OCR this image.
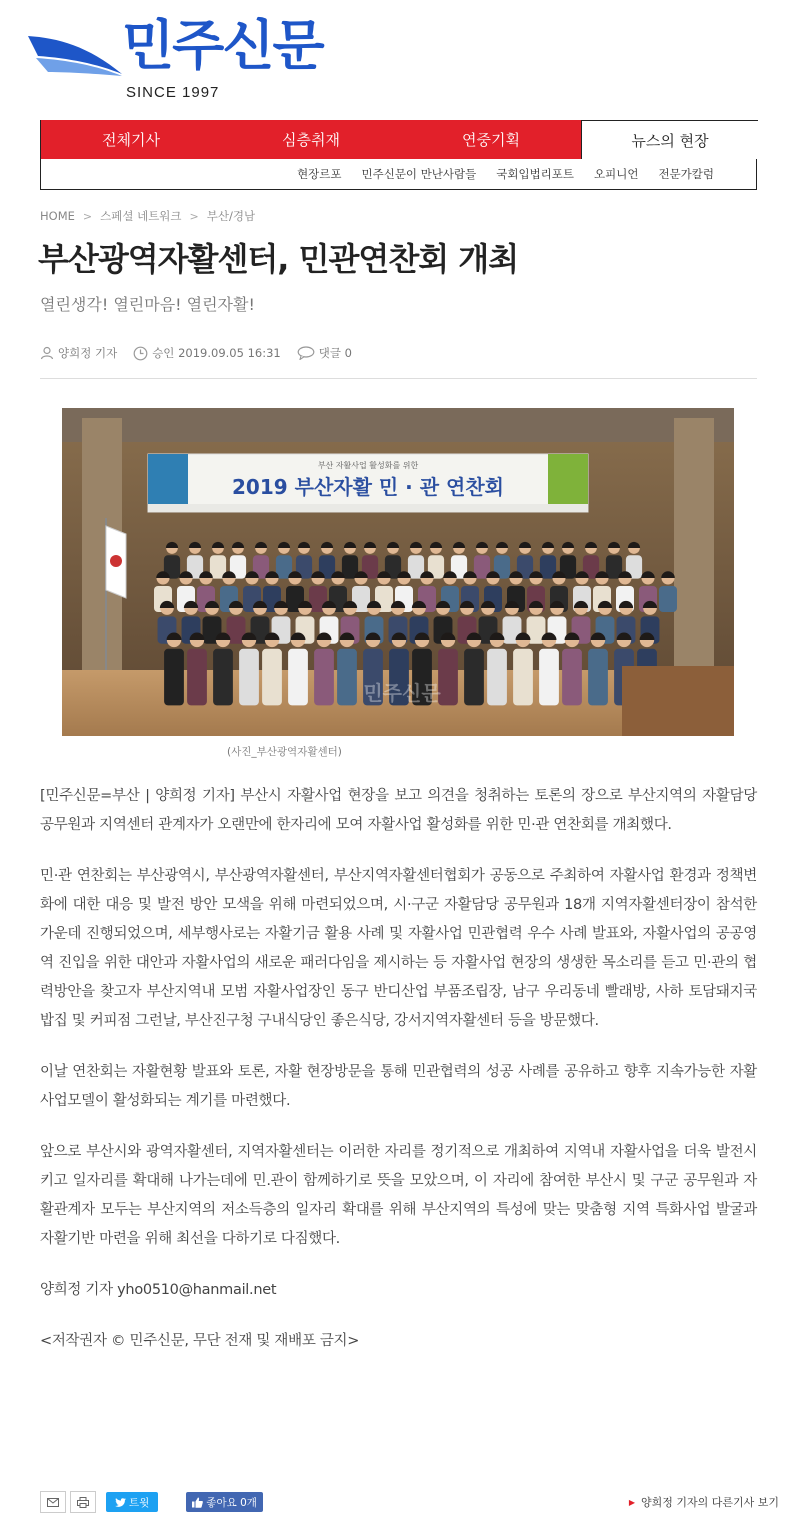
민주신문
SINCE 1997
전체기사	심층취재	연중기획	뉴스의 현장
현장르포 민주신문이 만난사람들 국회입법리포트 오피니언 전문가칼럼
HOME > 스페셜 네트워크 > 부산/경남
부산광역자활센터, 민관연찬회 개최
열린생각! 열린마음! 열린자활!
양희정 기자	승인 2019.09.05 16:31	댓글 0
부산 자활사업 활성화를 위한
2019 부산자활 민 · 관 연찬회
민주신문
(사진_부산광역자활센터)

[민주신문=부산 | 양희정 기자] 부산시 자활사업 현장을 보고 의견을 청취하는 토론의 장으로 부산지역의 자활담당 공무원과 지역센터 관계자가 오랜만에 한자리에 모여 자활사업 활성화를 위한 민·관 연찬회를 개최했다.

민·관 연찬회는 부산광역시, 부산광역자활센터, 부산지역자활센터협회가 공동으로 주최하여 자활사업 환경과 정책변화에 대한 대응 및 발전 방안 모색을 위해 마련되었으며, 시·구군 자활담당 공무원과 18개 지역자활센터장이 참석한 가운데 진행되었으며, 세부행사로는 자활기금 활용 사례 및 자활사업 민관협력 우수 사례 발표와, 자활사업의 공공영역 진입을 위한 대안과 자활사업의 새로운 패러다임을 제시하는 등 자활사업 현장의 생생한 목소리를 듣고 민·관의 협력방안을 찾고자 부산지역내 모범 자활사업장인 동구 반디산업 부품조립장, 남구 우리동네 빨래방, 사하 토담돼지국밥집 및 커피점 그런날, 부산진구청 구내식당인 좋은식당, 강서지역자활센터 등을 방문했다.

이날 연찬회는 자활현황 발표와 토론, 자활 현장방문을 통해 민관협력의 성공 사례를 공유하고 향후 지속가능한 자활사업모델이 활성화되는 계기를 마련했다.

앞으로 부산시와 광역자활센터, 지역자활센터는 이러한 자리를 정기적으로 개최하여 지역내 자활사업을 더욱 발전시키고 일자리를 확대해 나가는데에 민.관이 함께하기로 뜻을 모았으며, 이 자리에 참여한 부산시 및 구군 공무원과 자활관계자 모두는 부산지역의 저소득층의 일자리 확대를 위해 부산지역의 특성에 맞는 맞춤형 지역 특화사업 발굴과 자활기반 마련을 위해 최선을 다하기로 다짐했다.

양희정 기자 yho0510@hanmail.net

<저작권자 © 민주신문, 무단 전재 및 재배포 금지>

트윗	좋아요 0개	▶ 양희정 기자의 다른기사 보기
